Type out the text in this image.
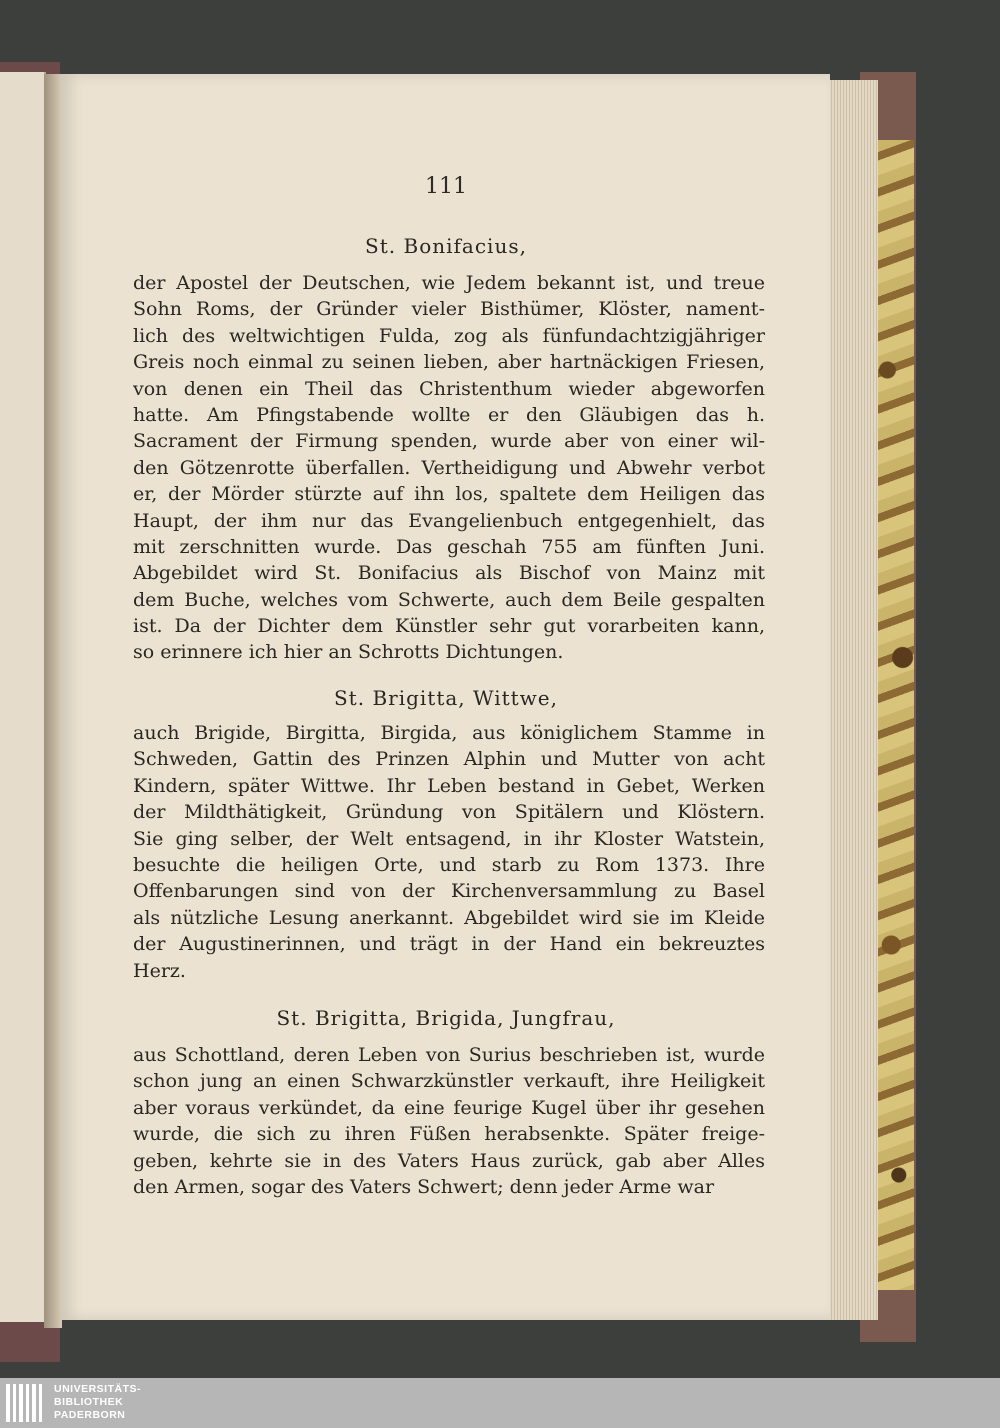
111
St. Bonifacius,
der Apostel der Deutschen, wie Jedem bekannt ist, und treue
Sohn Roms, der Gründer vieler Bisthümer, Klöster, nament-
lich des weltwichtigen Fulda, zog als fünfundachtzigjähriger
Greis noch einmal zu seinen lieben, aber hartnäckigen Friesen,
von denen ein Theil das Christenthum wieder abgeworfen
hatte. Am Pfingstabende wollte er den Gläubigen das h.
Sacrament der Firmung spenden, wurde aber von einer wil-
den Götzenrotte überfallen. Vertheidigung und Abwehr verbot
er, der Mörder stürzte auf ihn los, spaltete dem Heiligen das
Haupt, der ihm nur das Evangelienbuch entgegenhielt, das
mit zerschnitten wurde. Das geschah 755 am fünften Juni.
Abgebildet wird St. Bonifacius als Bischof von Mainz mit
dem Buche, welches vom Schwerte, auch dem Beile gespalten
ist. Da der Dichter dem Künstler sehr gut vorarbeiten kann,
so erinnere ich hier an Schrotts Dichtungen.
St. Brigitta, Wittwe,
auch Brigide, Birgitta, Birgida, aus königlichem Stamme in
Schweden, Gattin des Prinzen Alphin und Mutter von acht
Kindern, später Wittwe. Ihr Leben bestand in Gebet, Werken
der Mildthätigkeit, Gründung von Spitälern und Klöstern.
Sie ging selber, der Welt entsagend, in ihr Kloster Watstein,
besuchte die heiligen Orte, und starb zu Rom 1373. Ihre
Offenbarungen sind von der Kirchenversammlung zu Basel
als nützliche Lesung anerkannt. Abgebildet wird sie im Kleide
der Augustinerinnen, und trägt in der Hand ein bekreuztes
Herz.
St. Brigitta, Brigida, Jungfrau,
aus Schottland, deren Leben von Surius beschrieben ist, wurde
schon jung an einen Schwarzkünstler verkauft, ihre Heiligkeit
aber voraus verkündet, da eine feurige Kugel über ihr gesehen
wurde, die sich zu ihren Füßen herabsenkte. Später freige-
geben, kehrte sie in des Vaters Haus zurück, gab aber Alles
den Armen, sogar des Vaters Schwert; denn jeder Arme war
UNIVERSITÄTS-
BIBLIOTHEK
PADERBORN
